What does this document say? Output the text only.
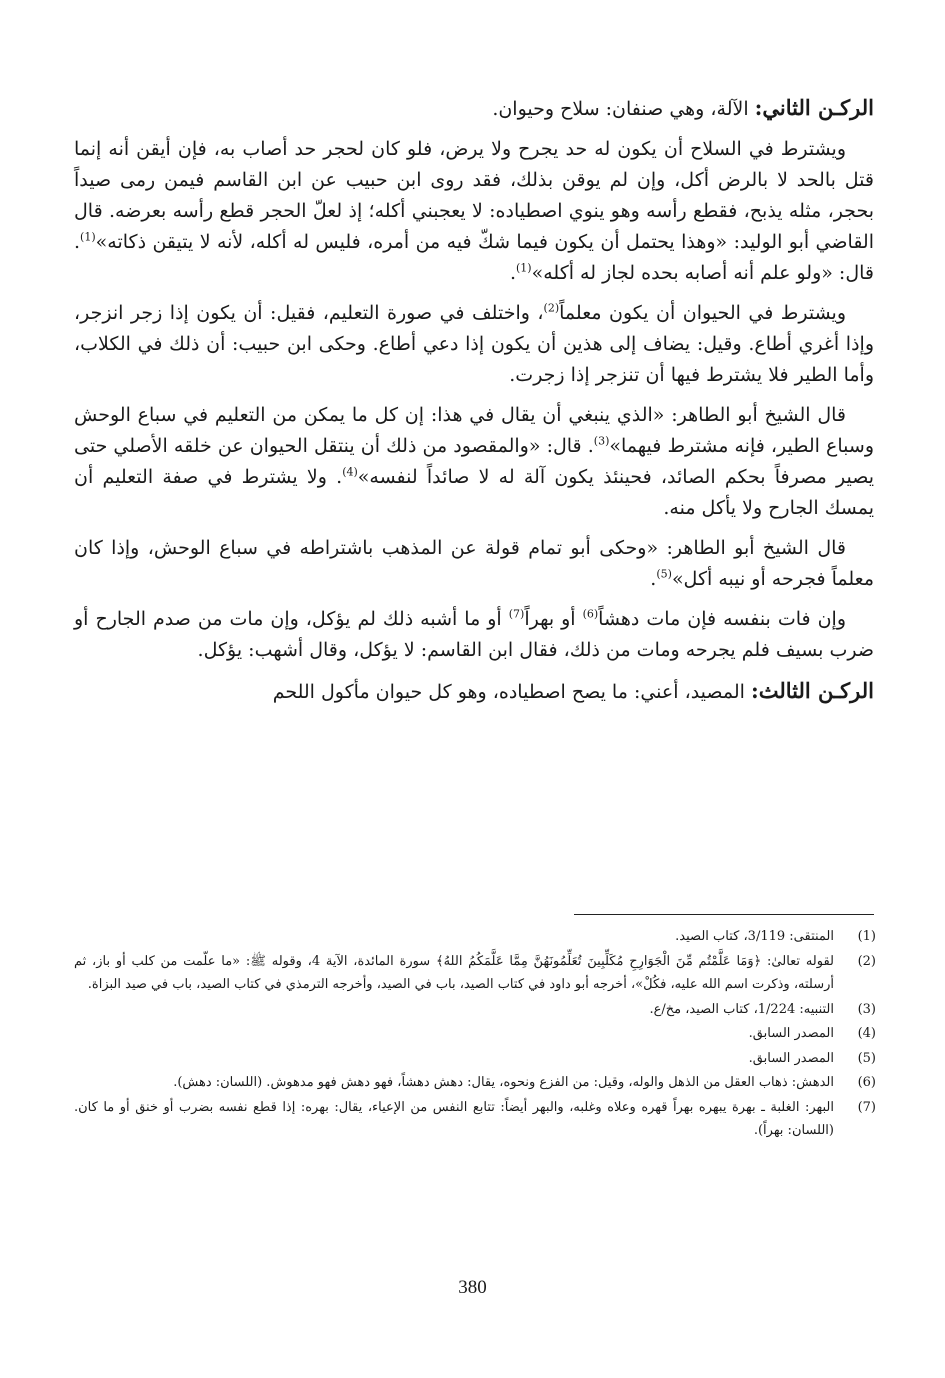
الركـن الثاني: الآلة، وهي صنفان: سلاح وحيوان.

ويشترط في السلاح أن يكون له حد يجرح ولا يرض، فلو كان لحجر حد أصاب به، فإن أيقن أنه إنما قتل بالحد لا بالرض أكل، وإن لم يوقن بذلك، فقد روى ابن حبيب عن ابن القاسم فيمن رمى صيداً بحجر، مثله يذبح، فقطع رأسه وهو ينوي اصطياده: لا يعجبني أكله؛ إذ لعلّ الحجر قطع رأسه بعرضه. قال القاضي أبو الوليد: «وهذا يحتمل أن يكون فيما شكّ فيه من أمره، فليس له أكله، لأنه لا يتيقن ذكاته»$^{(1)}$. قال: «ولو علم أنه أصابه بحده لجاز له أكله»$^{(1)}$.

ويشترط في الحيوان أن يكون معلماً$^{(2)}$، واختلف في صورة التعليم، فقيل: أن يكون إذا زجر انزجر، وإذا أغري أطاع. وقيل: يضاف إلى هذين أن يكون إذا دعي أطاع. وحكى ابن حبيب: أن ذلك في الكلاب، وأما الطير فلا يشترط فيها أن تنزجر إذا زجرت.

قال الشيخ أبو الطاهر: «الذي ينبغي أن يقال في هذا: إن كل ما يمكن من التعليم في سباع الوحش وسباع الطير، فإنه مشترط فيهما»$^{(3)}$. قال: «والمقصود من ذلك أن ينتقل الحيوان عن خلقه الأصلي حتى يصير مصرفاً بحكم الصائد، فحينئذ يكون آلة له لا صائداً لنفسه»$^{(4)}$. ولا يشترط في صفة التعليم أن يمسك الجارح ولا يأكل منه.

قال الشيخ أبو الطاهر: «وحكى أبو تمام قولة عن المذهب باشتراطه في سباع الوحش، وإذا كان معلماً فجرحه أو نيبه أكل»$^{(5)}$.

وإن فات بنفسه فإن مات دهشاً$^{(6)}$ أو بهراً$^{(7)}$ أو ما أشبه ذلك لم يؤكل، وإن مات من صدم الجارح أو ضرب بسيف فلم يجرحه ومات من ذلك، فقال ابن القاسم: لا يؤكل، وقال أشهب: يؤكل.

الركـن الثالث: المصيد، أعني: ما يصح اصطياده، وهو كل حيوان مأكول اللحم

(1)
المنتقى: 3/119، كتاب الصيد.
(2)
لقوله تعالىٰ: ﴿وَمَا عَلَّمْتُم مِّنَ الْجَوَارِحِ مُكَلِّبِينَ تُعَلِّمُونَهُنَّ مِمَّا عَلَّمَكُمُ اللهُ﴾ سورة المائدة، الآية 4، وقوله ﷺ: «ما علّمت من كلب أو باز، ثم أرسلته، وذكرت اسم الله عليه، فكُلْ»، أخرجه أبو داود في كتاب الصيد، باب في الصيد، وأخرجه الترمذي في كتاب الصيد، باب في صيد البزاة.
(3)
التنبيه: 1/224، كتاب الصيد، مخ/ع.
(4)
المصدر السابق.
(5)
المصدر السابق.
(6)
الدهش: ذهاب العقل من الذهل والوله، وقيل: من الفزع ونحوه، يقال: دهش دهشاً، فهو دهش فهو مدهوش. (اللسان: دهش).
(7)
البهر: الغلبة ـ بهرة يبهره بهراً قهره وعلاه وغلبه، والبهر أيضاً: تتابع النفس من الإعياء، يقال: بهره: إذا قطع نفسه بضرب أو خنق أو ما كان. (اللسان: بهراً).
380
